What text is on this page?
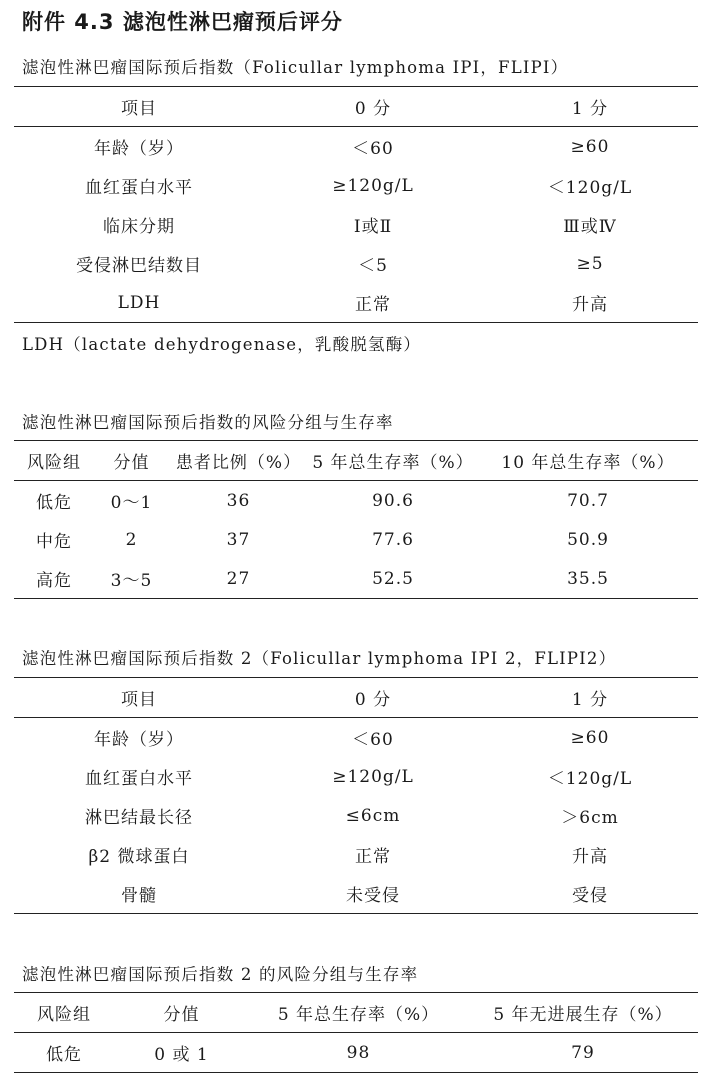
附件 4.3 滤泡性淋巴瘤预后评分
滤泡性淋巴瘤国际预后指数（Folicullar lymphoma IPI，FLIPI）
项目	0 分	1 分
年龄（岁）	＜60	≥60
血红蛋白水平	≥120g/L	＜120g/L
临床分期	Ⅰ或Ⅱ	Ⅲ或Ⅳ
受侵淋巴结数目	＜5	≥5
LDH	正常	升高
LDH（lactate dehydrogenase，乳酸脱氢酶）
滤泡性淋巴瘤国际预后指数的风险分组与生存率
风险组	分值	患者比例（%）	5 年总生存率（%）	10 年总生存率（%）
低危	0～1	36	90.6	70.7
中危	2	37	77.6	50.9
高危	3～5	27	52.5	35.5
滤泡性淋巴瘤国际预后指数 2（Folicullar lymphoma IPI 2，FLIPI2）
项目	0 分	1 分
年龄（岁）	＜60	≥60
血红蛋白水平	≥120g/L	＜120g/L
淋巴结最长径	≤6cm	＞6cm
β2 微球蛋白	正常	升高
骨髓	未受侵	受侵
滤泡性淋巴瘤国际预后指数 2 的风险分组与生存率
风险组	分值	5 年总生存率（%）	5 年无进展生存（%）
低危	0 或 1	98	79
